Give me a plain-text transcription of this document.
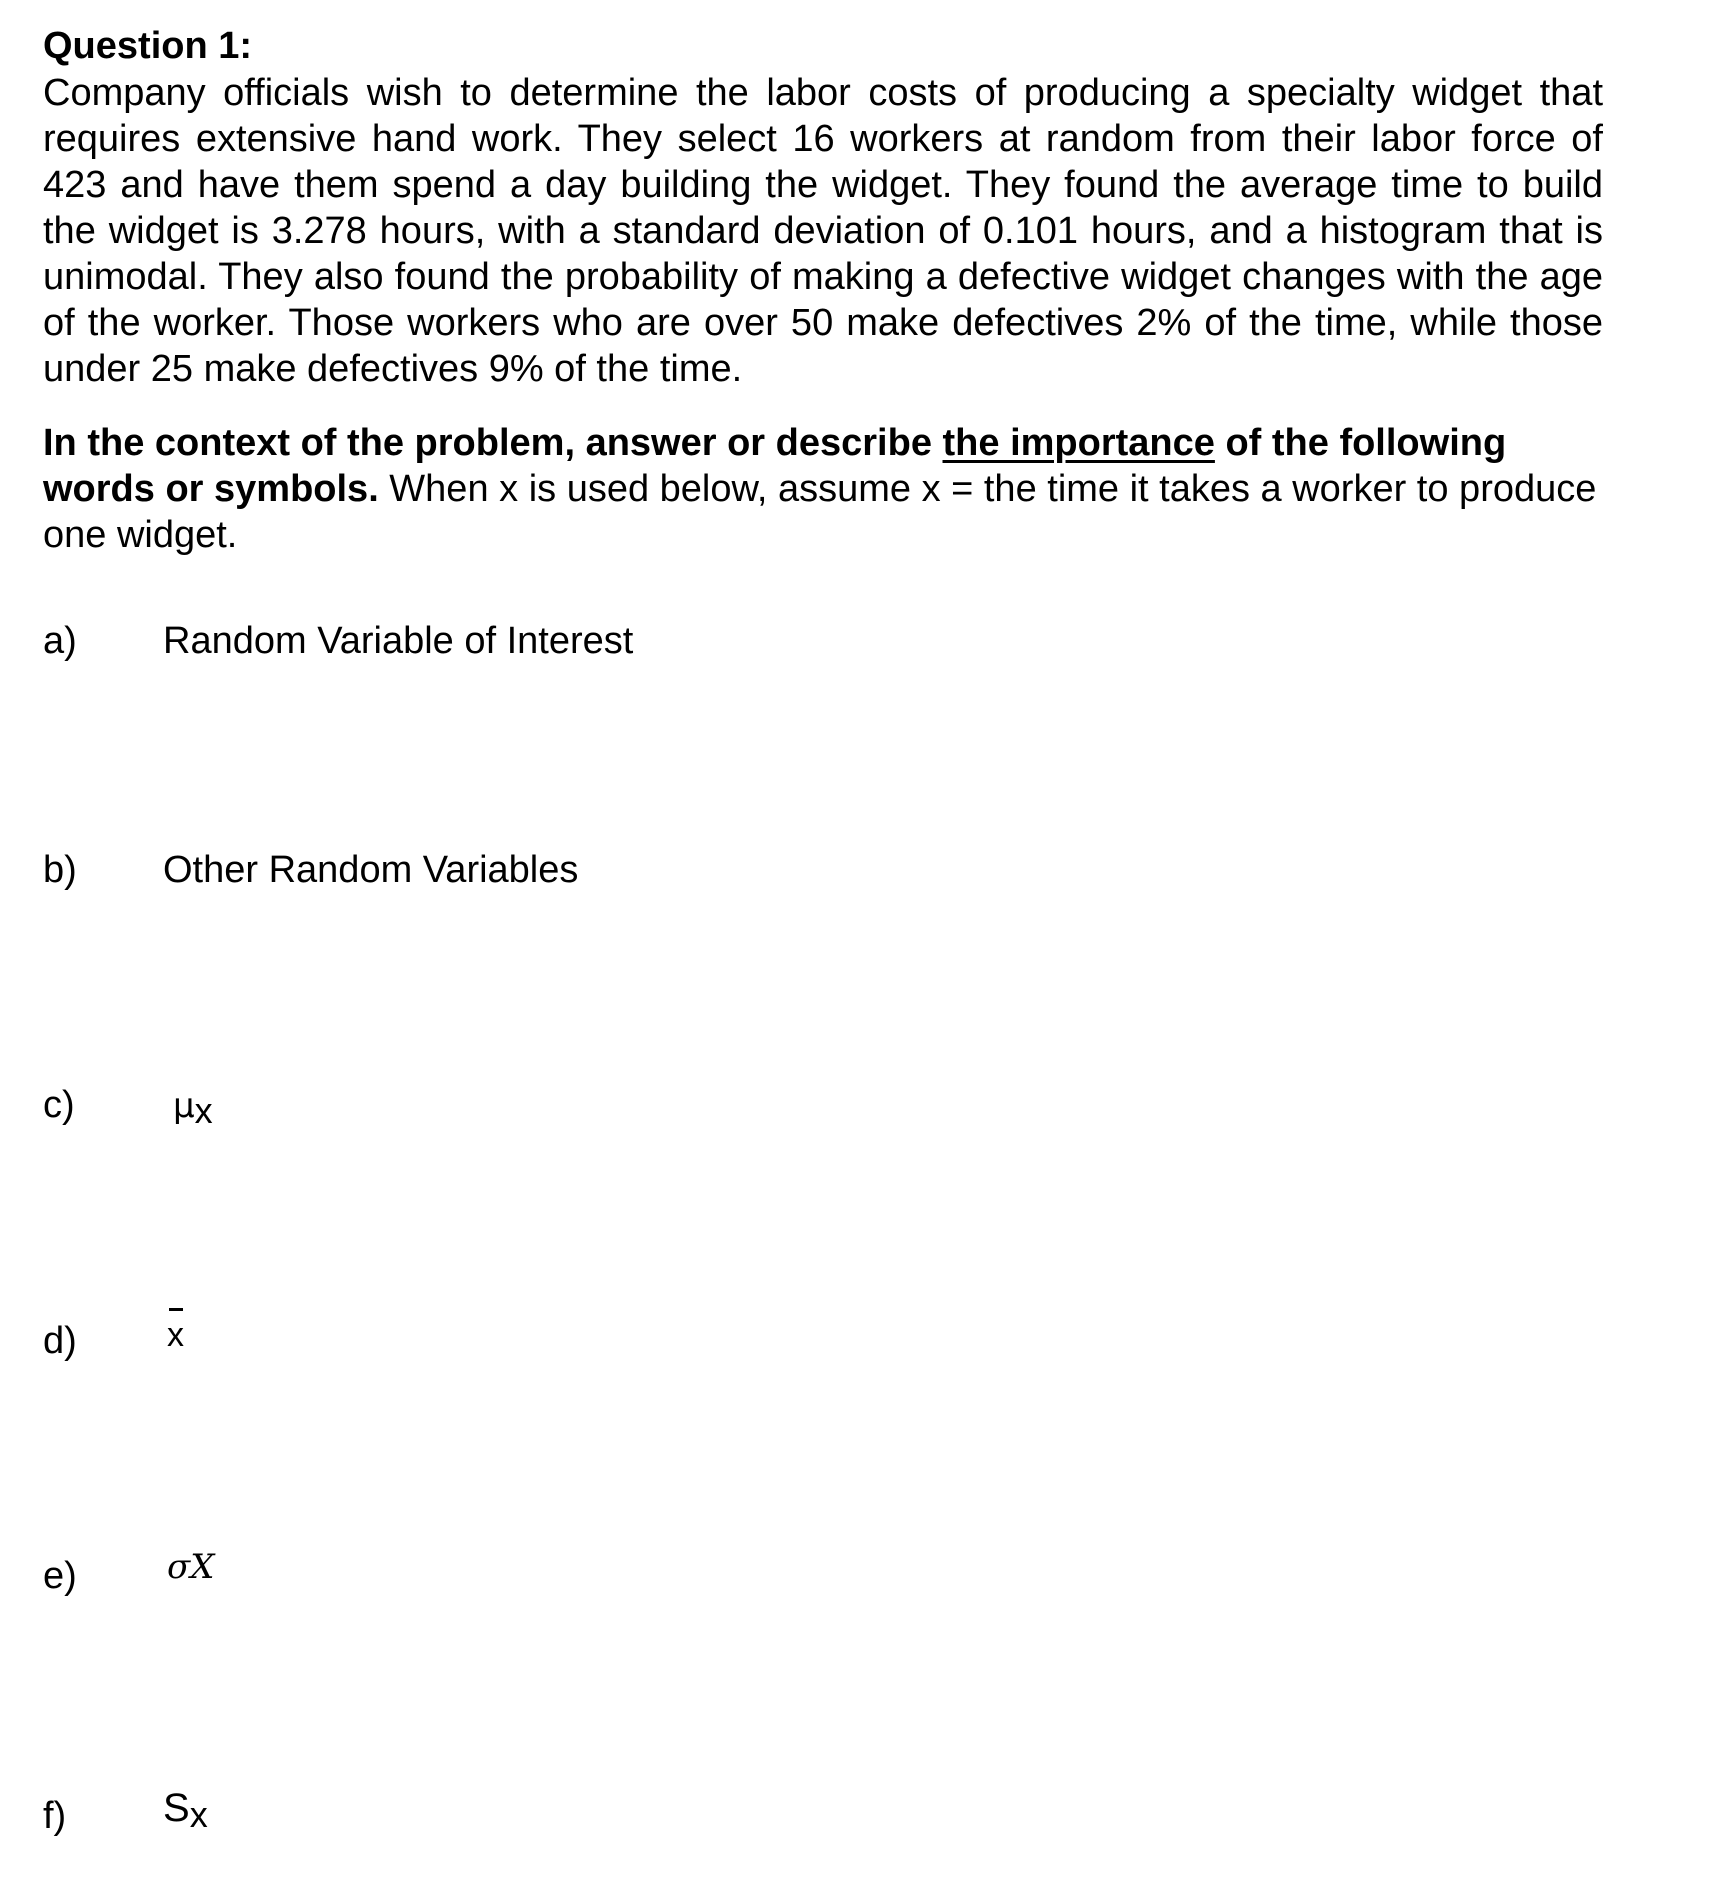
Question 1:

Company officials wish to determine the labor costs of producing a specialty widget that requires extensive hand work. They select 16 workers at random from their labor force of 423 and have them spend a day building the widget. They found the average time to build the widget is 3.278 hours, with a standard deviation of 0.101 hours, and a histogram that is unimodal. They also found the probability of making a defective widget changes with the age of the worker. Those workers who are over 50 make defectives 2% of the time, while those under 25 make defectives 9% of the time.

In the context of the problem, answer or describe the importance of the following words or symbols. When x is used below, assume x = the time it takes a worker to produce one widget.

a)	Random Variable of Interest
b)	Other Random Variables
c)	μx
d)	x
e)	σX
f)	Sx
